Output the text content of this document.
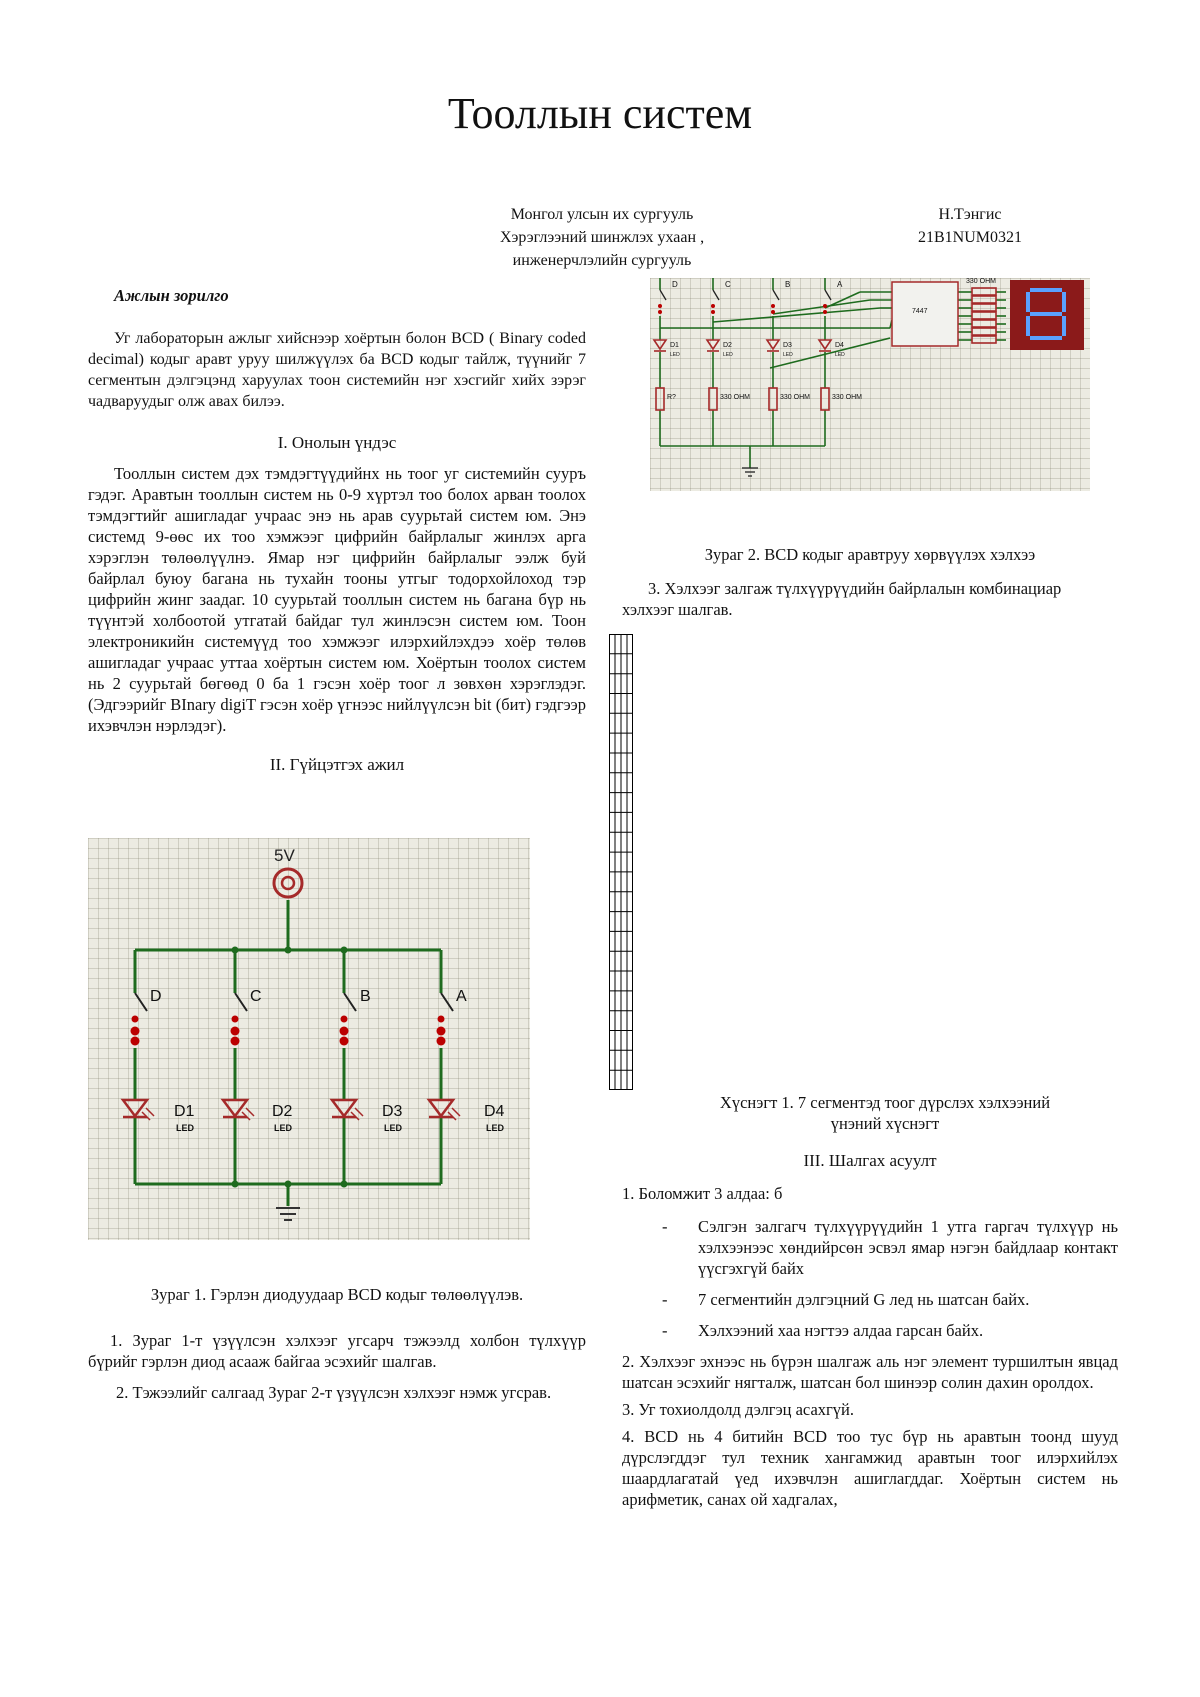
Тооллын систем
Монгол улсын их сургууль
Хэрэглээний шинжлэх ухаан ,
инженерчлэлийн сургууль
Н.Тэнгис
21B1NUM0321

Ажлын зорилго

Уг лабораторын ажлыг хийснээр хоёртын болон BCD ( Binary coded decimal) кодыг аравт уруу шилжүүлэх ба BCD кодыг тайлж, түүнийг 7 сегментын дэлгэцэнд харуулах тоон системийн нэг хэсгийг хийх зэрэг чадваруудыг олж авах билээ.

I. Онолын үндэс

Тооллын систем дэх тэмдэгтүүдийнх нь тоог уг системийн сууръ гэдэг. Аравтын тооллын систем нь 0-9 хүртэл тоо болох арван тоолох тэмдэгтийг ашигладаг учраас энэ нь арав суурьтай систем юм. Энэ системд 9-өөс их тоо хэмжээг цифрийн байрлалыг жинлэх арга хэрэглэн төлөөлүүлнэ. Ямар нэг цифрийн байрлалыг ээлж буй байрлал буюу багана нь тухайн тооны утгыг тодорхойлоход тэр цифрийн жинг заадаг. 10 суурьтай тооллын систем нь багана бүр нь түүнтэй холбоотой утгатай байдаг тул жинлэсэн систем юм. Тоон электроникийн системүүд тоо хэмжээг илэрхийлэхдээ хоёр төлөв ашигладаг учраас уттаа хоёртын систем юм. Хоёртын тоолох систем нь 2 суурьтай бөгөөд 0 ба 1 гэсэн хоёр тоог л зөвхөн хэрэглэдэг. (Эдгээрийг BInary digiT гэсэн хоёр үгнээс нийлүүлсэн bit (бит) гэдгээр ихэвчлэн нэрлэдэг).

II. Гүйцэтгэх ажил

5V
D	C	B	A
D1
LED
D2
LED
D3
LED
D4
LED
Зураг 1. Гэрлэн диодуудаар BCD кодыг төлөөлүүлэв.

1. Зураг 1-т үзүүлсэн хэлхээг угсарч тэжээлд холбон түлхүүр бүрийг гэрлэн диод асааж байгаа эсэхийг шалгав.

2. Тэжээлийг салгаад Зураг 2-т үзүүлсэн хэлхээг нэмж угсрав.

D	C	B	A
D1	D2	D3	D4
LED	LED	LED	LED
R?	330 OHM	330 OHM	330 OHM
330 OHM
7447
Зураг 2. BCD кодыг аравтруу хөрвүүлэх хэлхээ

3. Хэлхээг залгаж түлхүүрүүдийн байрлалын комбинациар хэлхээг шалгав.

Хүснэгт 1. 7 сегментэд тоог дүрслэх хэлхээний
үнэний хүснэгт

III. Шалгах асуулт

1. Боломжит 3 алдаа: б

- Сэлгэн залгагч түлхүүрүүдийн 1 утга гаргач түлхүүр нь хэлхээнээс хөндийрсөн эсвэл ямар нэгэн байдлаар контакт үүсгэхгүй байх
- 7 сегментийн дэлгэцний G лед нь шатсан байх.
- Хэлхээний хаа нэгтээ алдаа гарсан байх.

2. Хэлхээг эхнээс нь бүрэн шалгаж аль нэг элемент туршилтын явцад шатсан эсэхийг нягталж, шатсан бол шинээр солин дахин оролдох.

3. Уг тохиолдолд дэлгэц асахгүй.

4. BCD нь 4 битийн BCD тоо тус бүр нь аравтын тоонд шууд дүрслэгддэг тул техник хангамжид аравтын тоог илэрхийлэх шаардлагатай үед ихэвчлэн ашиглагддаг. Хоёртын систем нь арифметик, санах ой хадгалах,
